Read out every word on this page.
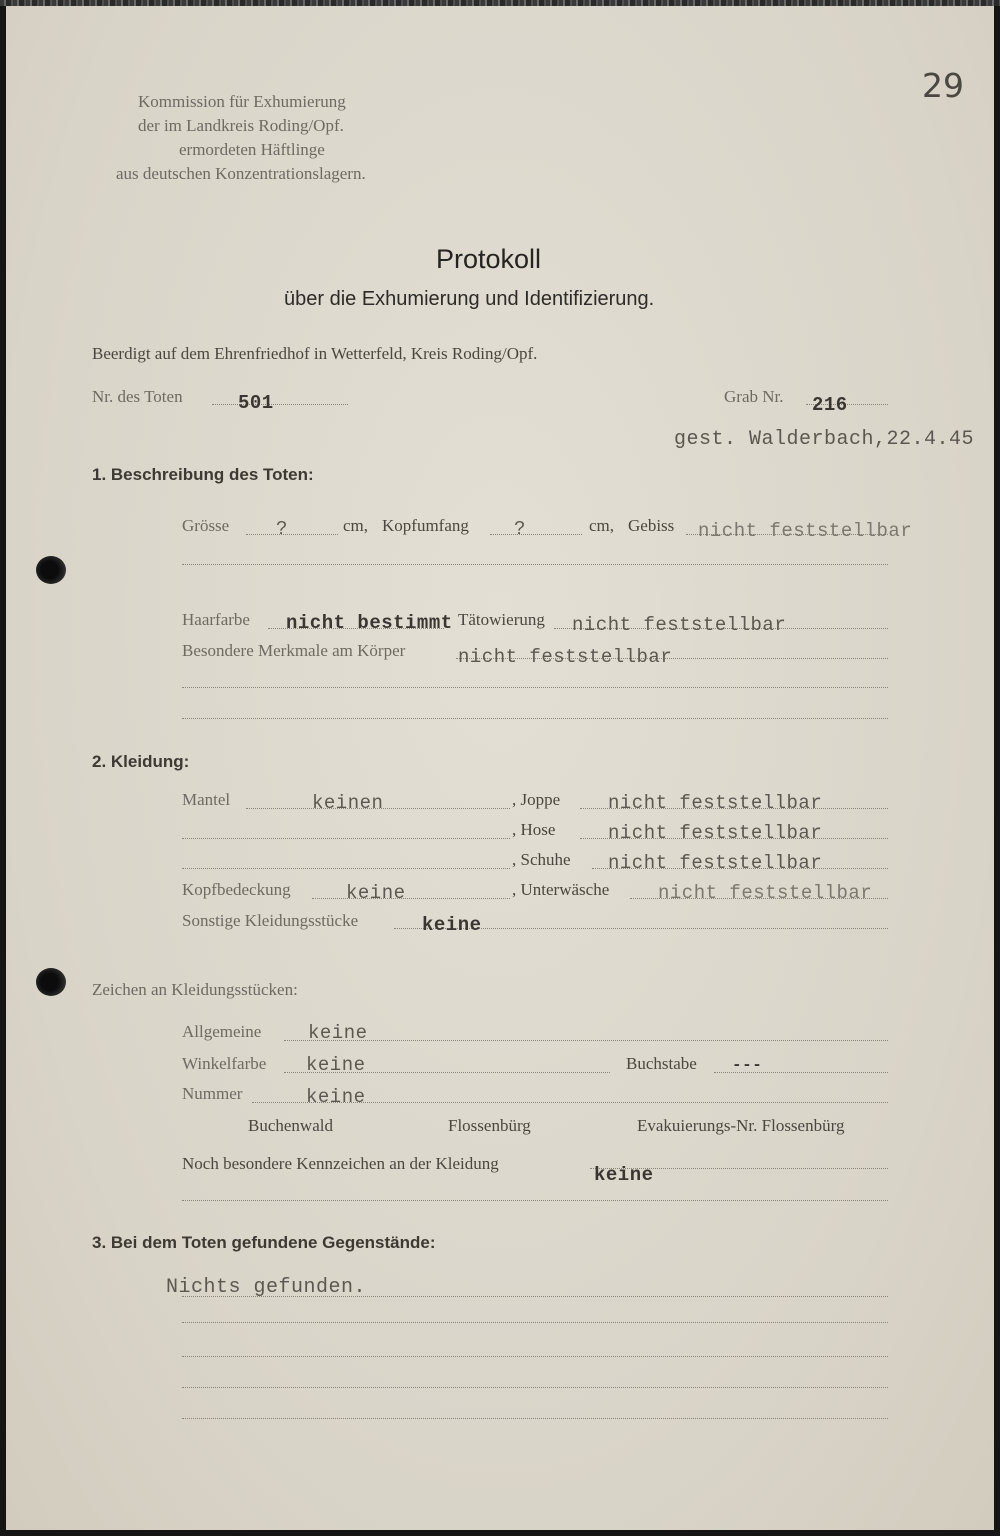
29
Kommission für Exhumierung
der im Landkreis Roding/Opf.
ermordeten Häftlinge
aus deutschen Konzentrationslagern.
Protokoll
über die Exhumierung und Identifizierung.
Beerdigt auf dem Ehrenfriedhof in Wetterfeld, Kreis Roding/Opf.
Nr. des Toten	501	Grab Nr. 216
gest. Walderbach,22.4.45
1. Beschreibung des Toten:
Grösse ?	cm, Kopfumfang ?	cm, Gebiss nicht feststellbar
Haarfarbe nicht bestimmt Tätowierung nicht feststellbar
Besondere Merkmale am Körper	nicht feststellbar
2. Kleidung:
Mantel	keinen	, Joppe	nicht feststellbar
, Hose	nicht feststellbar
, Schuhe nicht feststellbar
Kopfbedeckung	keine	, Unterwäsche	nicht feststellbar
Sonstige Kleidungsstücke	keine
Zeichen an Kleidungsstücken:
Allgemeine keine
Winkelfarbe keine	Buchstabe ---
Nummer	keine
Buchenwald	Flossenbürg	Evakuierungs-Nr. Flossenbürg
Noch besondere Kennzeichen an der Kleidung
keine
3. Bei dem Toten gefundene Gegenstände:
Nichts gefunden.
